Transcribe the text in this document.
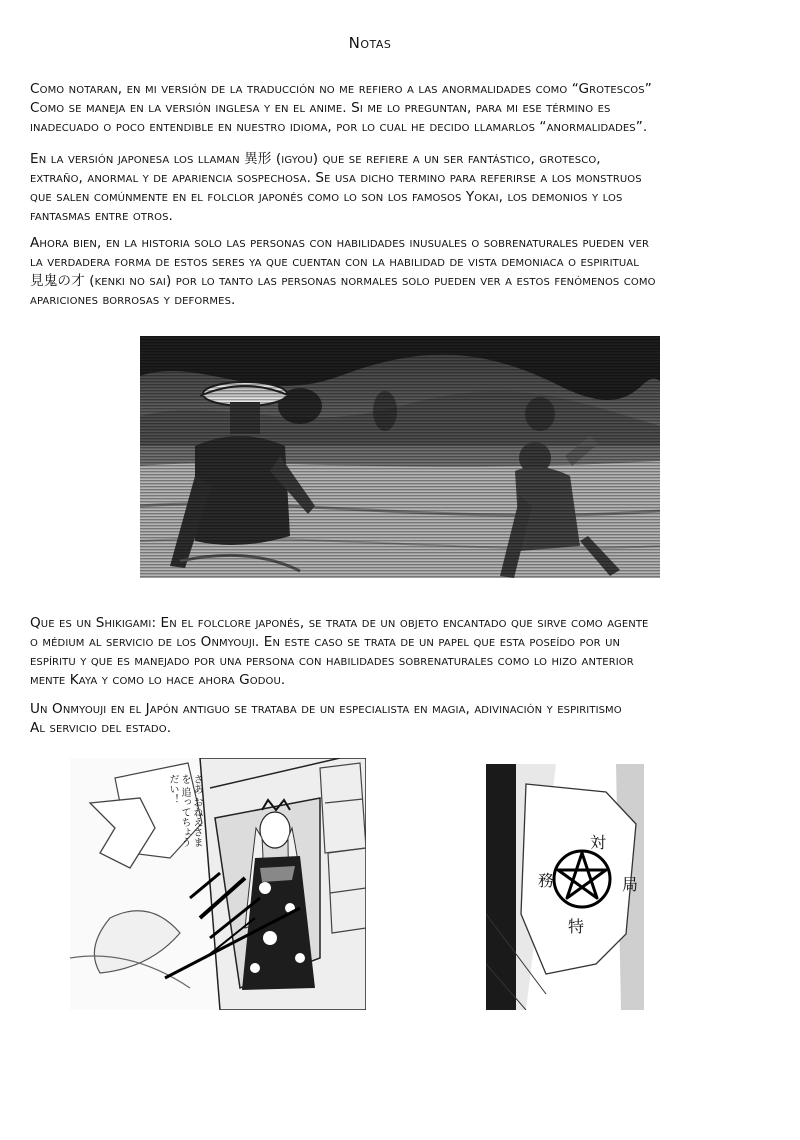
Notas
Como notaran, en mi versión de la traducción no me refiero a las anormalidades como “Grotescos”
Como se maneja en la versión inglesa y en el anime. Si me lo preguntan, para mi ese término es
inadecuado o poco entendible en nuestro idioma, por lo cual he decido llamarlos “anormalidades”.
En la versión japonesa los llaman 異形 (igyou) que se refiere a un ser fantástico, grotesco,
extraño, anormal y de apariencia sospechosa. Se usa dicho termino para referirse a los monstruos
que salen comúnmente en el folclor japonés como lo son los famosos Yokai, los demonios y los
fantasmas entre otros.
Ahora bien, en la historia solo las personas con habilidades inusuales o sobrenaturales pueden ver
la verdadera forma de estos seres ya que cuentan con la habilidad de vista demoniaca o espiritual
見鬼の才 (kenki no sai) por lo tanto las personas normales solo pueden ver a estos fenómenos como
apariciones borrosas y deformes.
Que es un Shikigami: En el folclore japonés, se trata de un objeto encantado que sirve como agente
o médium al servicio de los Onmyouji. En este caso se trata de un papel que esta poseído por un
espíritu y que es manejado por una persona con habilidades sobrenaturales como lo hizo anterior
mente Kaya y como lo hace ahora Godou.
Un Onmyouji en el Japón antiguo se trataba de un especialista en magia, adivinación y espiritismo
Al servicio del estado.
さあ おねえさまを 追ってちょうだい！
対
務
特
局
